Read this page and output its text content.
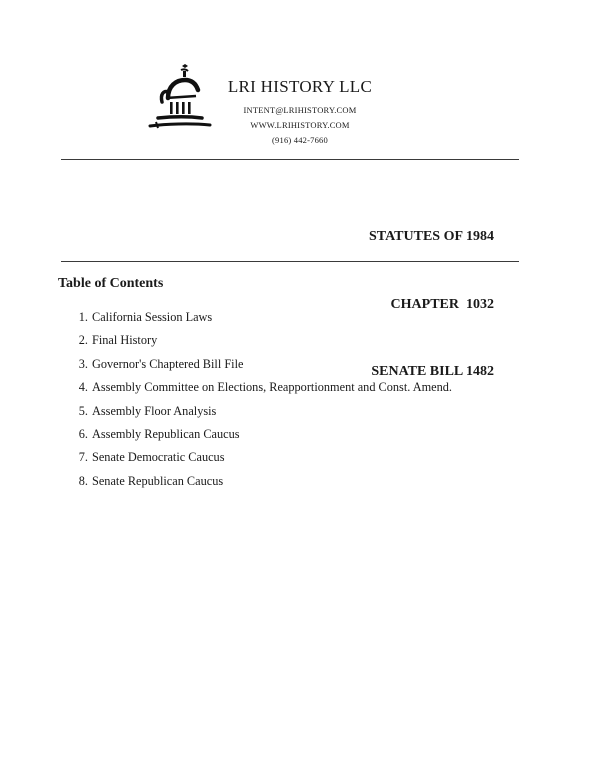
LRI HISTORY LLC
INTENT@LRIHISTORY.COM
WWW.LRIHISTORY.COM
(916) 442-7660

STATUTES OF 1984

CHAPTER  1032

SENATE BILL 1482

Table of Contents
1. California Session Laws
2. Final History
3. Governor's Chaptered Bill File
4. Assembly Committee on Elections, Reapportionment and Const. Amend.
5. Assembly Floor Analysis
6. Assembly Republican Caucus
7. Senate Democratic Caucus
8. Senate Republican Caucus
